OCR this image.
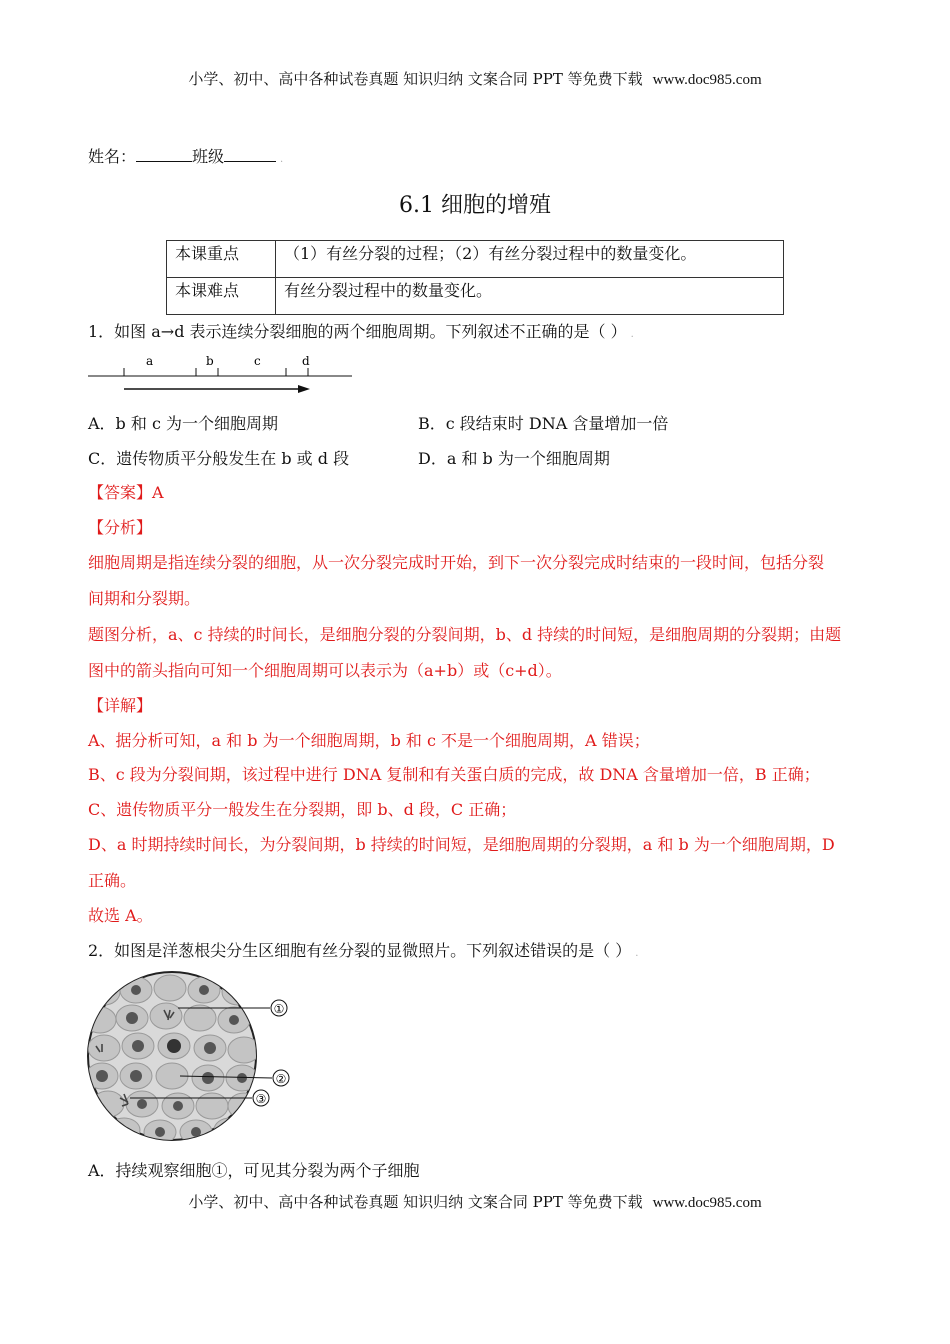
小学、初中、高中各种试卷真题 知识归纳 文案合同 PPT 等免费下载 www.doc985.com
姓名：	班级	.
6.1 细胞的增殖
本课重点	（1）有丝分裂的过程；（2）有丝分裂过程中的数量变化。
本课难点	有丝分裂过程中的数量变化。
1．如图 a→d 表示连续分裂细胞的两个细胞周期。下列叙述不正确的是（ ） .
a	b	c	d
A．b 和 c 为一个细胞周期	B．c 段结束时 DNA 含量增加一倍
C．遗传物质平分般发生在 b 或 d 段	D．a 和 b 为一个细胞周期
【答案】A
【分析】
细胞周期是指连续分裂的细胞，从一次分裂完成时开始，到下一次分裂完成时结束的一段时间，包括分裂
间期和分裂期。
题图分析，a、c 持续的时间长，是细胞分裂的分裂间期，b、d 持续的时间短，是细胞周期的分裂期；由题
图中的箭头指向可知一个细胞周期可以表示为（a+b）或（c+d）。
【详解】
A、据分析可知，a 和 b 为一个细胞周期，b 和 c 不是一个细胞周期，A 错误；
B、c 段为分裂间期，该过程中进行 DNA 复制和有关蛋白质的完成，故 DNA 含量增加一倍，B 正确；
C、遗传物质平分一般发生在分裂期，即 b、d 段，C 正确；
D、a 时期持续时间长，为分裂间期，b 持续的时间短，是细胞周期的分裂期，a 和 b 为一个细胞周期，D
正确。
故选 A。
2．如图是洋葱根尖分生区细胞有丝分裂的显微照片。下列叙述错误的是（ ） .
①
②
③
A．持续观察细胞①，可见其分裂为两个子细胞
小学、初中、高中各种试卷真题 知识归纳 文案合同 PPT 等免费下载 www.doc985.com
